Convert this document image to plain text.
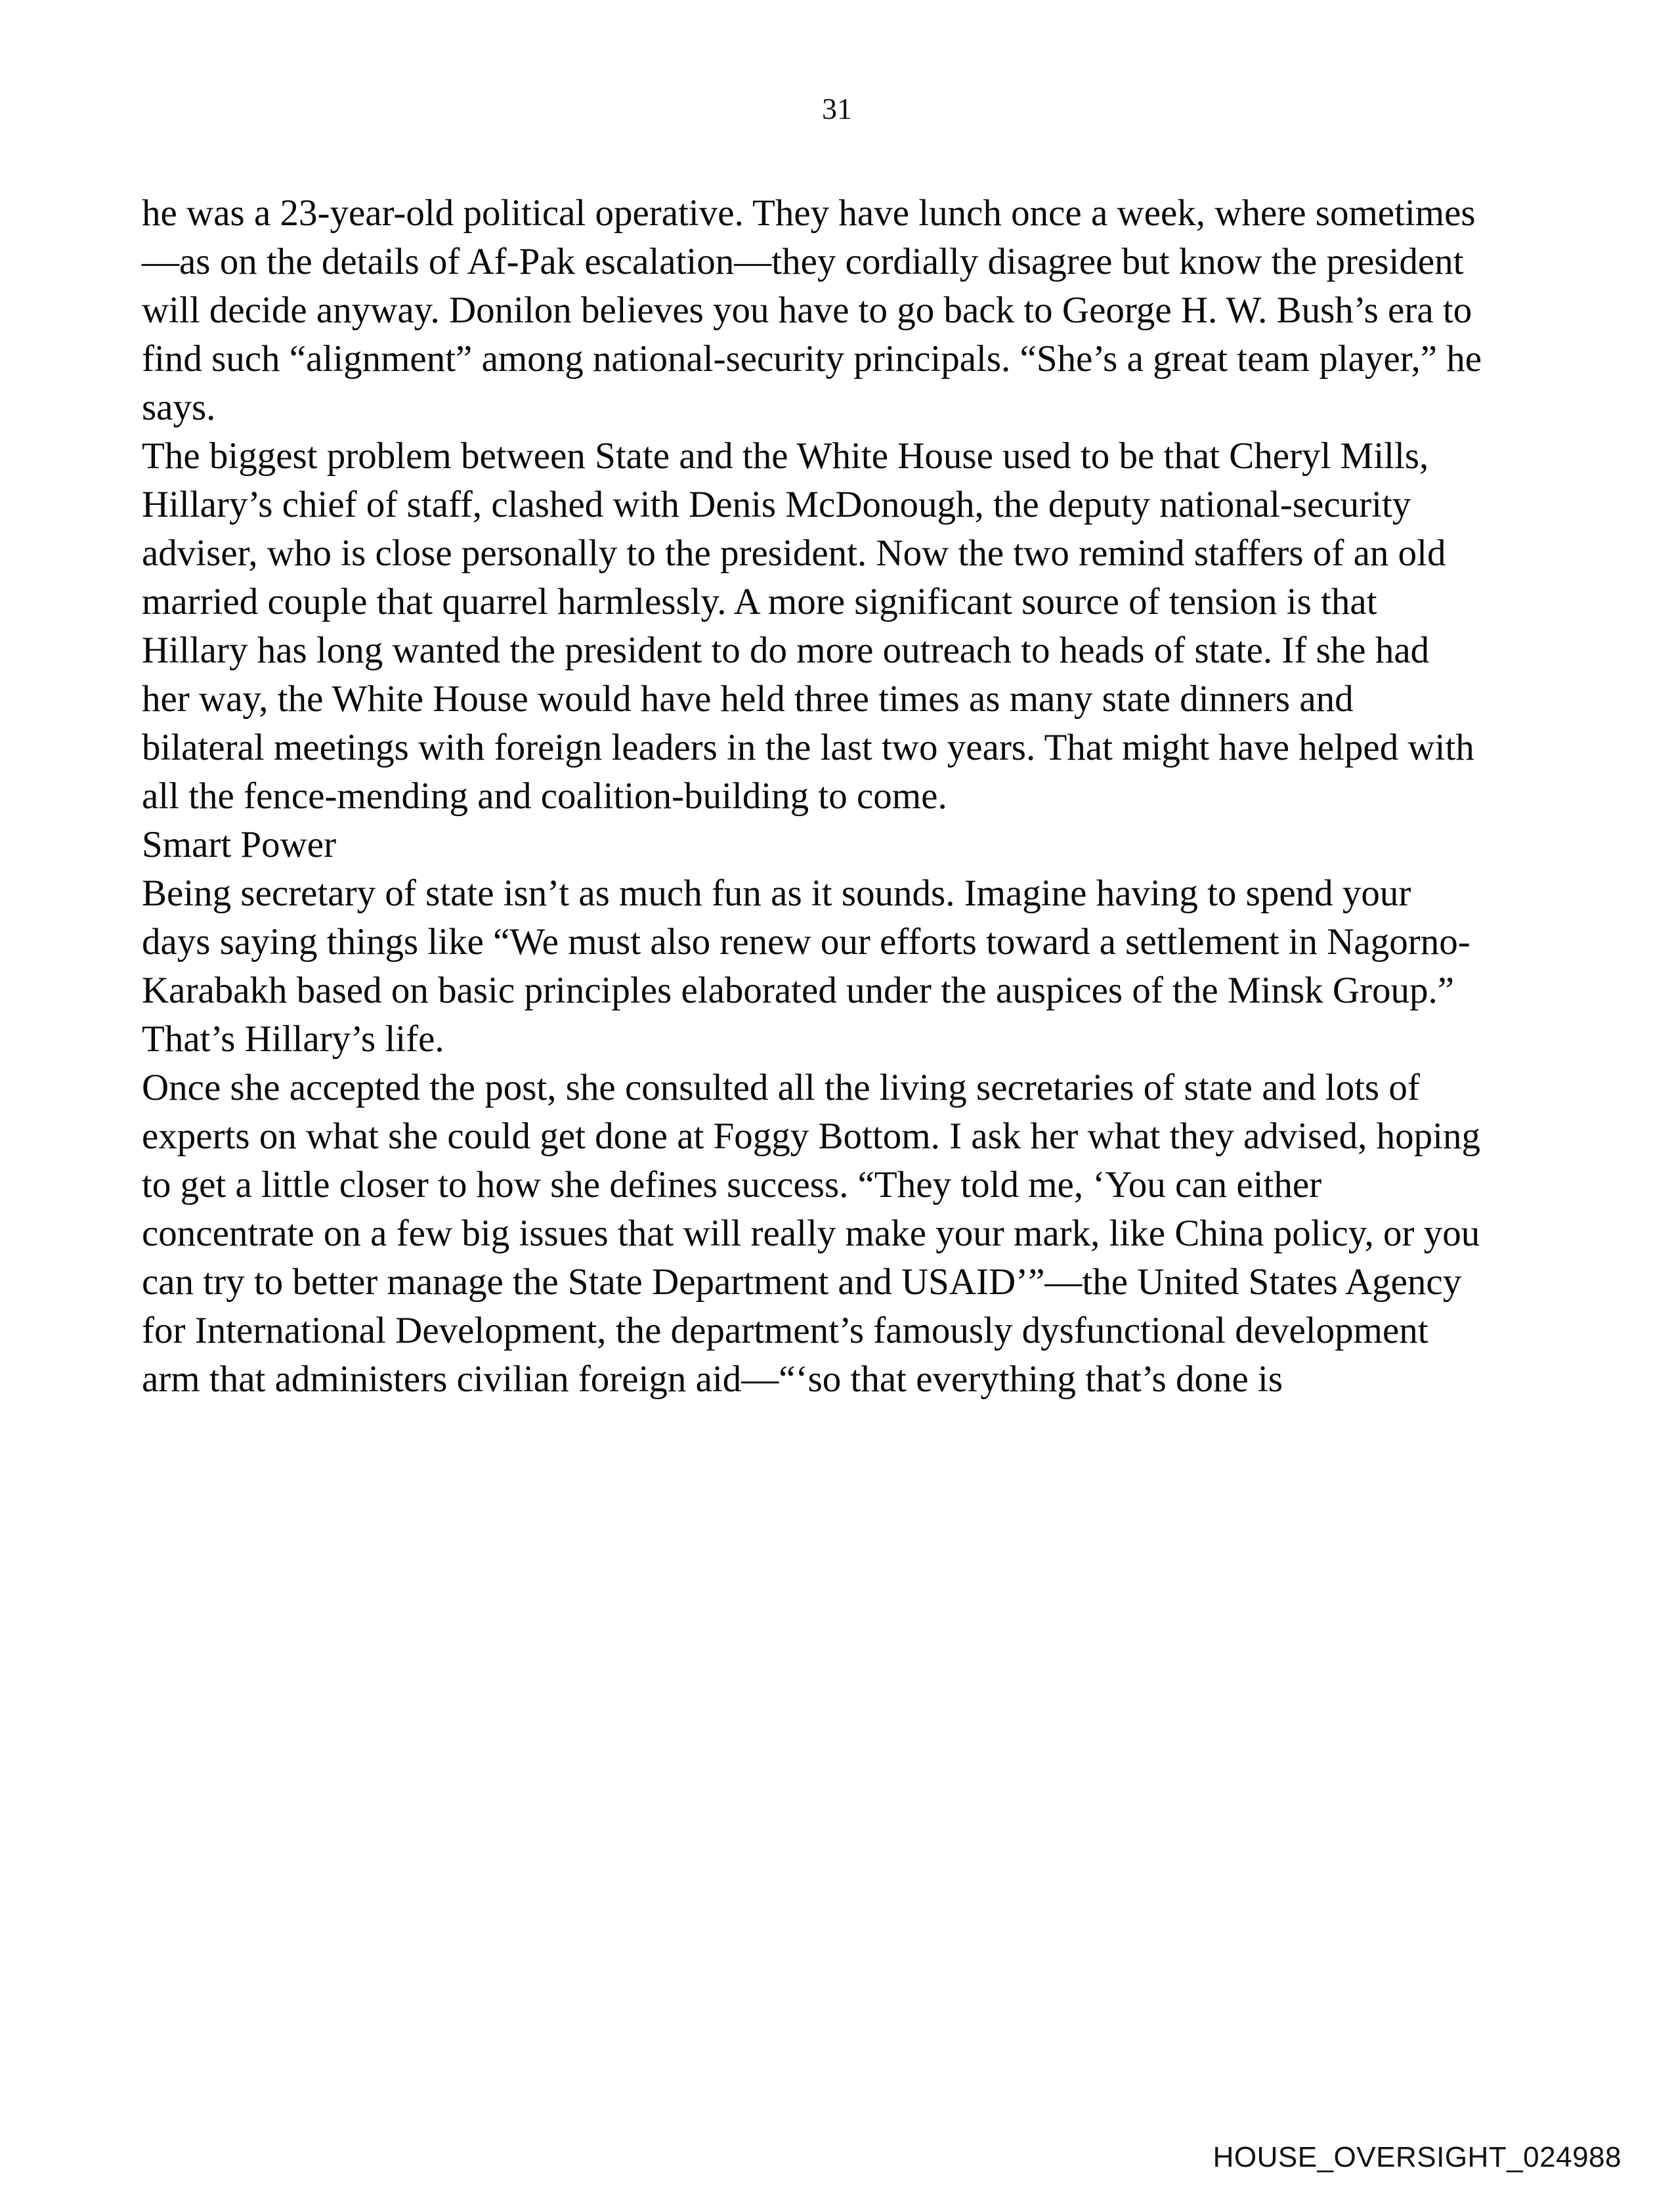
31

he was a 23-year-old political operative. They have lunch once a week, where sometimes—as on the details of Af-Pak escalation—they cordially disagree but know the president will decide anyway. Donilon believes you have to go back to George H. W. Bush’s era to find such “alignment” among national-security principals. “She’s a great team player,” he says.

The biggest problem between State and the White House used to be that Cheryl Mills, Hillary’s chief of staff, clashed with Denis McDonough, the deputy national-security adviser, who is close personally to the president. Now the two remind staffers of an old married couple that quarrel harmlessly. A more significant source of tension is that Hillary has long wanted the president to do more outreach to heads of state. If she had her way, the White House would have held three times as many state dinners and bilateral meetings with foreign leaders in the last two years. That might have helped with all the fence-mending and coalition-building to come.

Smart Power

Being secretary of state isn’t as much fun as it sounds. Imagine having to spend your days saying things like “We must also renew our efforts toward a settlement in Nagorno-Karabakh based on basic principles elaborated under the auspices of the Minsk Group.” That’s Hillary’s life.

Once she accepted the post, she consulted all the living secretaries of state and lots of experts on what she could get done at Foggy Bottom. I ask her what they advised, hoping to get a little closer to how she defines success. “They told me, ‘You can either concentrate on a few big issues that will really make your mark, like China policy, or you can try to better manage the State Department and USAID’”—the United States Agency for International Development, the department’s famously dysfunctional development arm that administers civilian foreign aid—“‘so that everything that’s done is

HOUSE_OVERSIGHT_024988
